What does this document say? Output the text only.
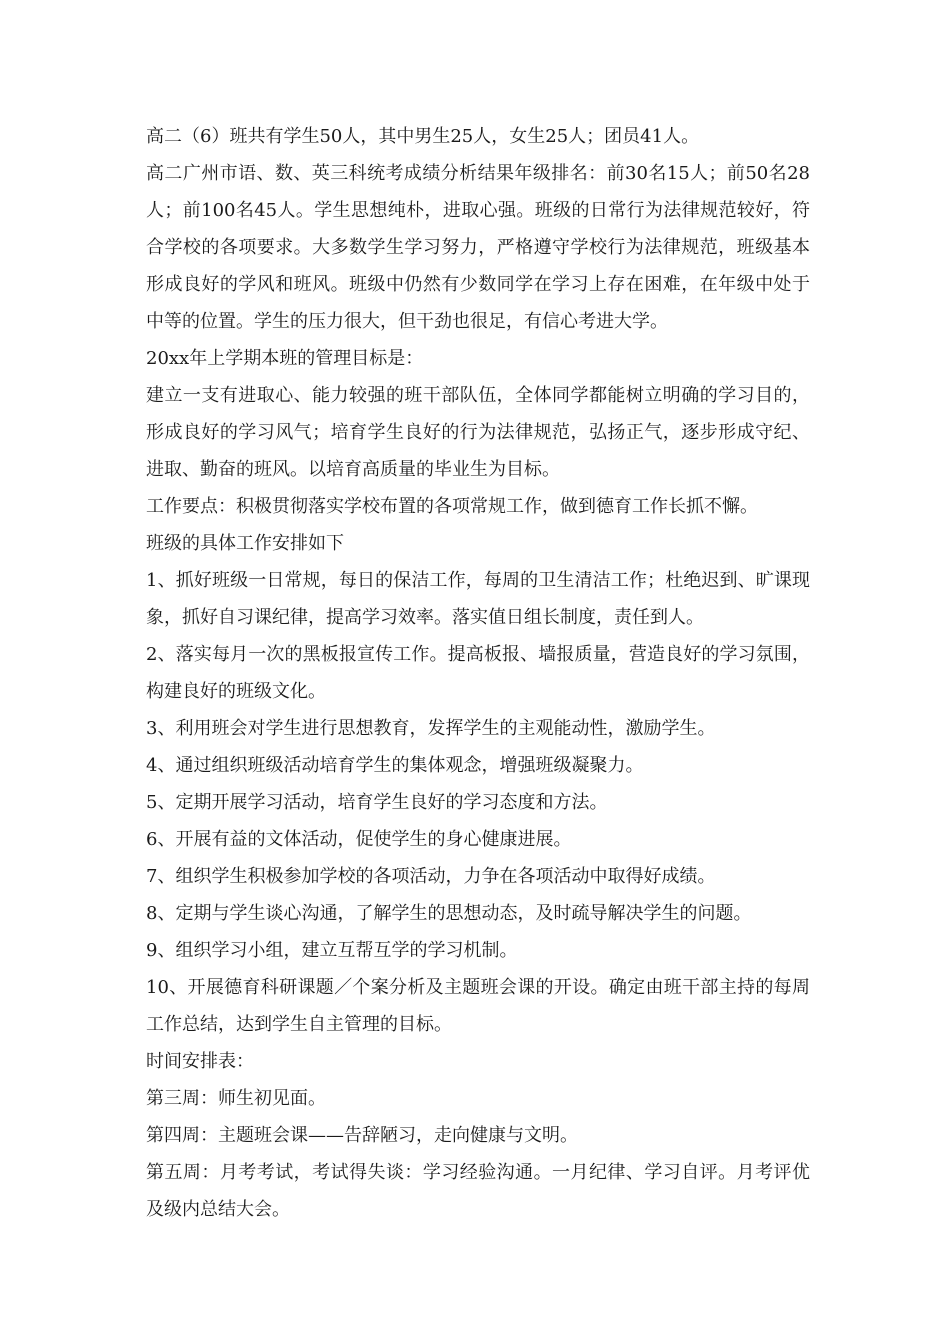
高二（6）班共有学生50人，其中男生25人，女生25人；团员41人。

高二广州市语、数、英三科统考成绩分析结果年级排名：前30名15人；前50名28人；前100名45人。学生思想纯朴，进取心强。班级的日常行为法律规范较好，符合学校的各项要求。大多数学生学习努力，严格遵守学校行为法律规范，班级基本形成良好的学风和班风。班级中仍然有少数同学在学习上存在困难，在年级中处于中等的位置。学生的压力很大，但干劲也很足，有信心考进大学。

20xx年上学期本班的管理目标是：

建立一支有进取心、能力较强的班干部队伍，全体同学都能树立明确的学习目的，形成良好的学习风气；培育学生良好的行为法律规范，弘扬正气，逐步形成守纪、进取、勤奋的班风。以培育高质量的毕业生为目标。

工作要点：积极贯彻落实学校布置的各项常规工作，做到德育工作长抓不懈。

班级的具体工作安排如下

1、抓好班级一日常规，每日的保洁工作，每周的卫生清洁工作；杜绝迟到、旷课现象，抓好自习课纪律，提高学习效率。落实值日组长制度，责任到人。

2、落实每月一次的黑板报宣传工作。提高板报、墙报质量，营造良好的学习氛围，构建良好的班级文化。

3、利用班会对学生进行思想教育，发挥学生的主观能动性，激励学生。

4、通过组织班级活动培育学生的集体观念，增强班级凝聚力。

5、定期开展学习活动，培育学生良好的学习态度和方法。

6、开展有益的文体活动，促使学生的身心健康进展。

7、组织学生积极参加学校的各项活动，力争在各项活动中取得好成绩。

8、定期与学生谈心沟通，了解学生的思想动态，及时疏导解决学生的问题。

9、组织学习小组，建立互帮互学的学习机制。

10、开展德育科研课题／个案分析及主题班会课的开设。确定由班干部主持的每周工作总结，达到学生自主管理的目标。

时间安排表：

第三周：师生初见面。

第四周：主题班会课——告辞陋习，走向健康与文明。

第五周：月考考试，考试得失谈：学习经验沟通。一月纪律、学习自评。月考评优及级内总结大会。
